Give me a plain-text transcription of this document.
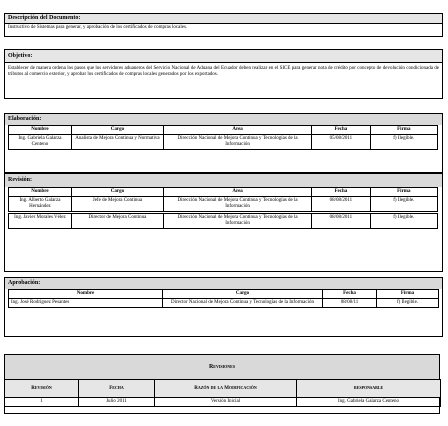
Descripción del Documento:
Instructivo de Sistemas para generar, y aprobación de los certificados de compras locales.
Objetivo:
Establecer de manera ordena los pasos que los servidores aduaneros del Servicio Nacional de Aduana del Ecuador deben realizar en el SICE para generar nota de crédito por concepto de devolución condicionada de tributos al comercio exterior, y aprobar los certificados de compras locales generados por los exportados.
Elaboración:
Nombre	Cargo	Área	Fecha	Firma
Ing. Gabriela Galarza Centeno	Analista de Mejora Continua y Normativa	Dirección Nacional de Mejora Continua y Tecnologías de la Información	05/08/2011	f) Ilegible.
Revisión:
Nombre	Cargo	Área	Fecha	Firma
Ing. Alberto Galarza Hernández	Jefe de Mejora Continua	Dirección Nacional de Mejora Continua y Tecnologías de la Información	08/08/2011	f) Ilegible.

Ing. Javier Morales Vélez	Director de Mejora Continua	Dirección Nacional de Mejora Continua y Tecnologías de la Información	08/08/2011	f) Ilegible.
Aprobación:
Nombre	Cargo	Fecha	Firma
Ing. José Rodríguez Pesantes	Director Nacional de Mejora Continua y Tecnologías de la Información	08/08/11	f) Ilegible.
Revisiones
Revisión	Fecha	Razón de la Modificación	responsable
1	Julio 2011	Versión Inicial	Ing. Gabriela Galarza Centeno
